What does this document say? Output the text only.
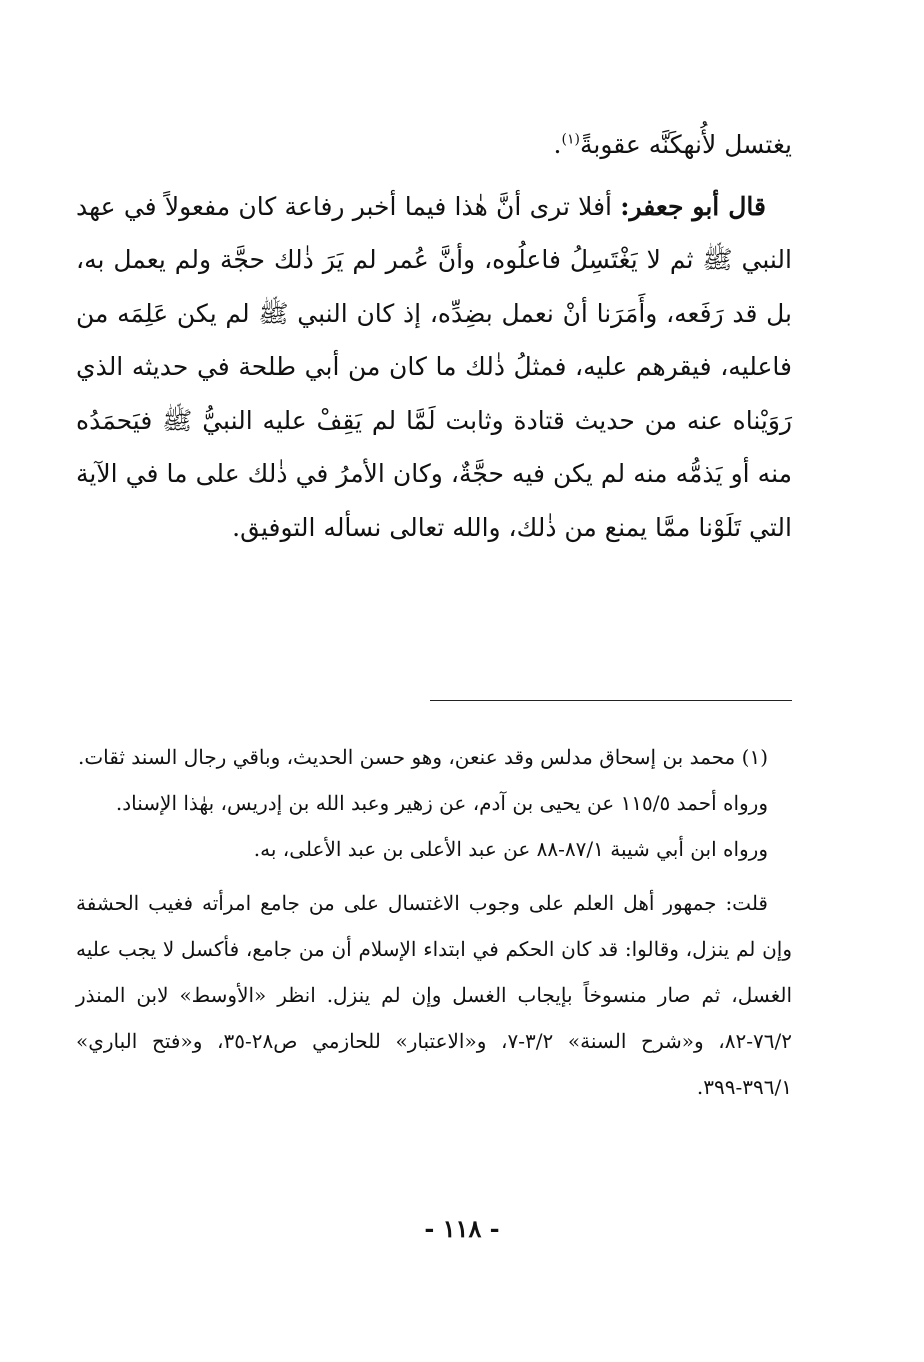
يغتسل لأُنهكَنَّه عقوبةً$^{(١)}$.

قال أبو جعفر: أفلا ترى أنَّ هٰذا فيما أخبر رفاعة كان مفعولاً في عهد النبي ﷺ ثم لا يَغْتَسِلُ فاعلُوه، وأنَّ عُمر لم يَرَ ذٰلك حجَّة ولم يعمل به، بل قد رَفَعه، وأَمَرَنا أنْ نعمل بضِدِّه، إذ كان النبي ﷺ لم يكن عَلِمَه من فاعليه، فيقرهم عليه، فمثلُ ذٰلك ما كان من أبي طلحة في حديثه الذي رَوَيْناه عنه من حديث قتادة وثابت لَمَّا لم يَقِفْ عليه النبيُّ ﷺ فيَحمَدُه منه أو يَذمُّه منه لم يكن فيه حجَّةٌ، وكان الأمرُ في ذٰلك على ما في الآية التي تَلَوْنا ممَّا يمنع من ذٰلك، والله تعالى نسأله التوفيق.

(١) محمد بن إسحاق مدلس وقد عنعن، وهو حسن الحديث، وباقي رجال السند ثقات.

ورواه أحمد ١١٥/٥ عن يحيى بن آدم، عن زهير وعبد الله بن إدريس، بهٰذا الإسناد.

ورواه ابن أبي شيبة ٨٧/١-٨٨ عن عبد الأعلى بن عبد الأعلى، به.

قلت: جمهور أهل العلم على وجوب الاغتسال على من جامع امرأته فغيب الحشفة وإن لم ينزل، وقالوا: قد كان الحكم في ابتداء الإسلام أن من جامع، فأكسل لا يجب عليه الغسل، ثم صار منسوخاً بإيجاب الغسل وإن لم ينزل. انظر «الأوسط» لابن المنذر ٧٦/٢-٨٢، و«شرح السنة» ٣/٢-٧، و«الاعتبار» للحازمي ص٢٨-٣٥، و«فتح الباري» ٣٩٦/١-٣٩٩.

- ١١٨ -
